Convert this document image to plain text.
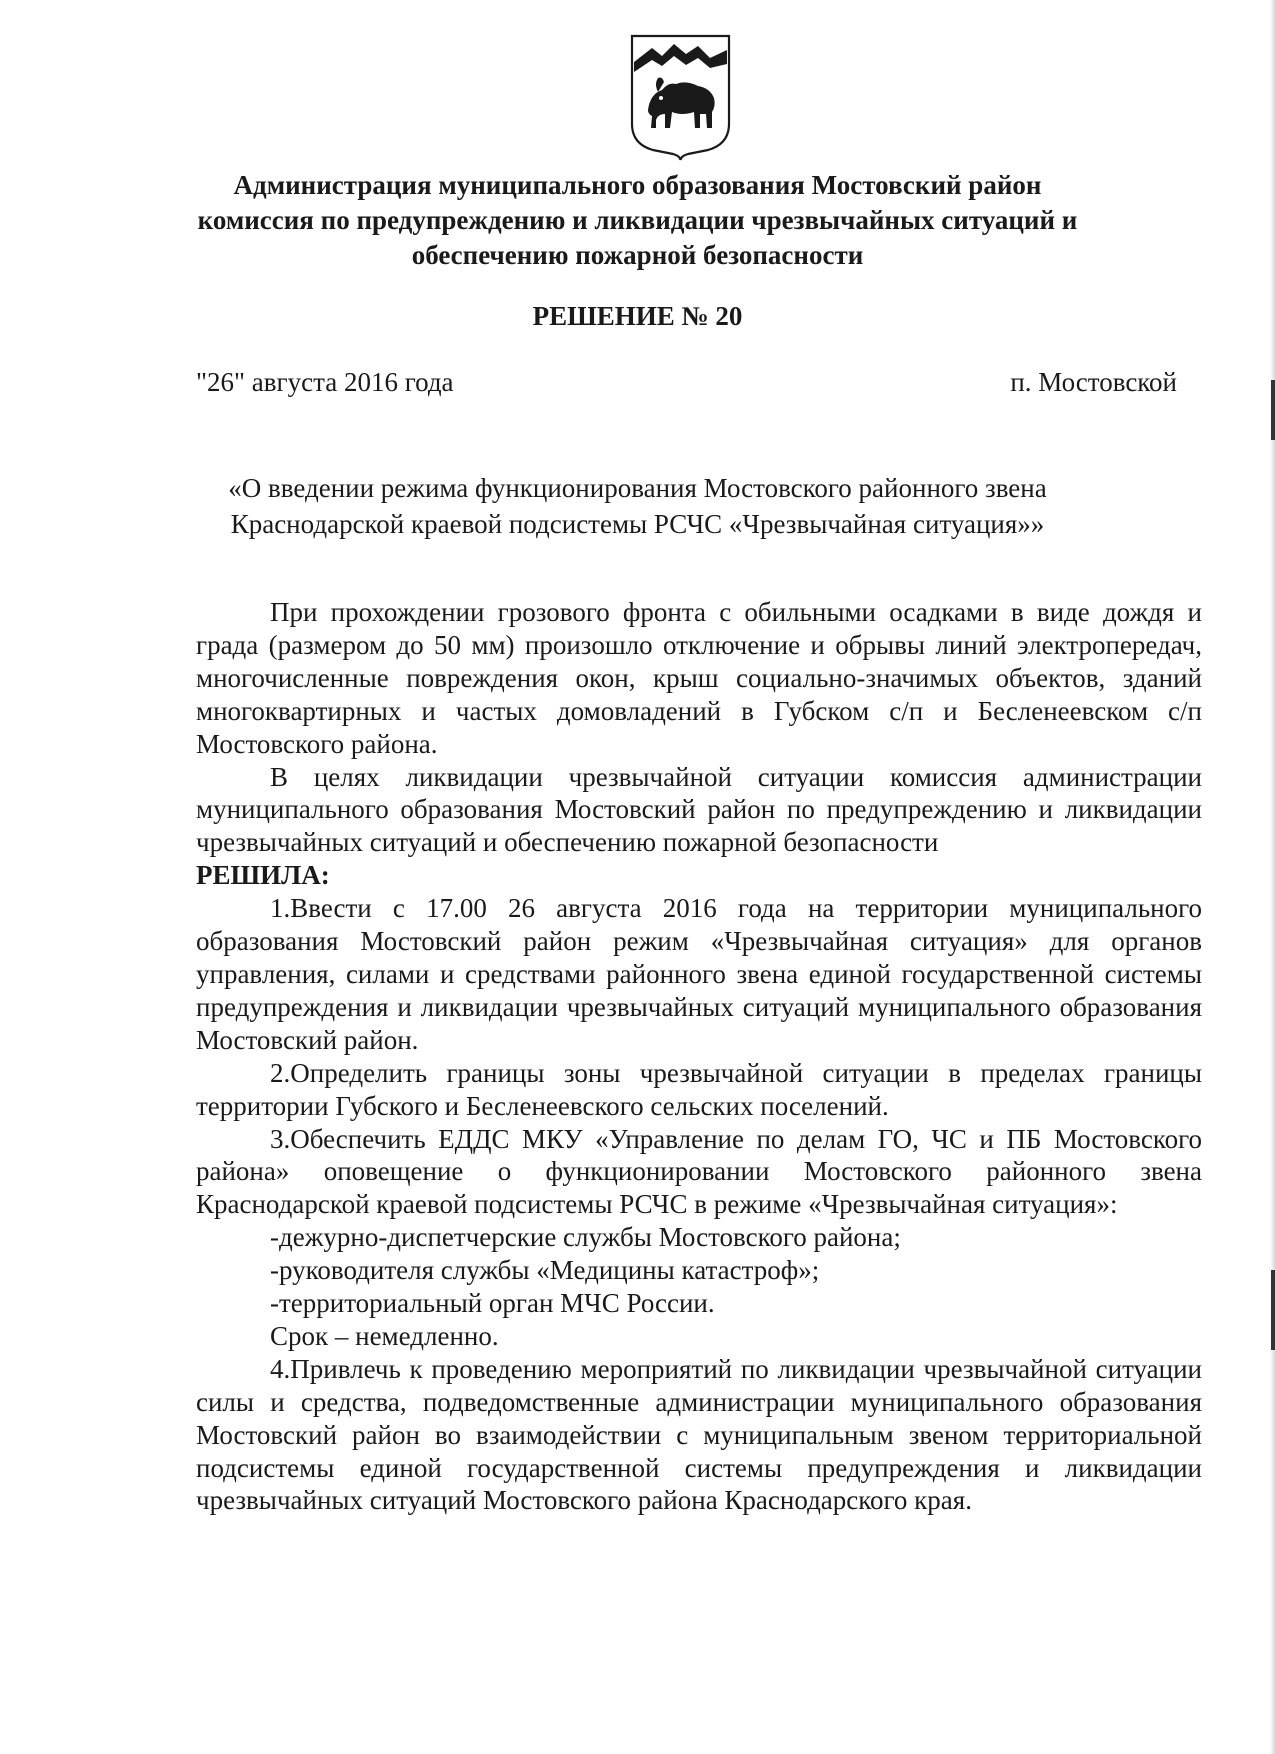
Администрация муниципального образования Мостовский район
комиссия по предупреждению и ликвидации чрезвычайных ситуаций и
обеспечению пожарной безопасности
РЕШЕНИЕ № 20
"26" августа 2016 года	п. Мостовской
«О введении режима функционирования Мостовского районного звена
Краснодарской краевой подсистемы РСЧС «Чрезвычайная ситуация»»

При прохождении грозового фронта с обильными осадками в виде дождя и града (размером до 50 мм) произошло отключение и обрывы линий электропередач, многочисленные повреждения окон, крыш социально-значимых объектов, зданий многоквартирных и частых домовладений в Губском с/п и Бесленеевском с/п Мостовского района.

В целях ликвидации чрезвычайной ситуации комиссия администрации муниципального образования Мостовский район по предупреждению и ликвидации чрезвычайных ситуаций и обеспечению пожарной безопасности

РЕШИЛА:

1.Ввести с 17.00 26 августа 2016 года на территории муниципального образования Мостовский район режим «Чрезвычайная ситуация» для органов управления, силами и средствами районного звена единой государственной системы предупреждения и ликвидации чрезвычайных ситуаций муниципального образования Мостовский район.

2.Определить границы зоны чрезвычайной ситуации в пределах границы территории Губского и Бесленеевского сельских поселений.

3.Обеспечить ЕДДС МКУ «Управление по делам ГО, ЧС и ПБ Мостовского района» оповещение о функционировании Мостовского районного звена Краснодарской краевой подсистемы РСЧС в режиме «Чрезвычайная ситуация»:

-дежурно-диспетчерские службы Мостовского района;

-руководителя службы «Медицины катастроф»;

-территориальный орган МЧС России.

Срок – немедленно.

4.Привлечь к проведению мероприятий по ликвидации чрезвычайной ситуации силы и средства, подведомственные администрации муниципального образования Мостовский район во взаимодействии с муниципальным звеном территориальной подсистемы единой государственной системы предупреждения и ликвидации чрезвычайных ситуаций Мостовского района Краснодарского края.
